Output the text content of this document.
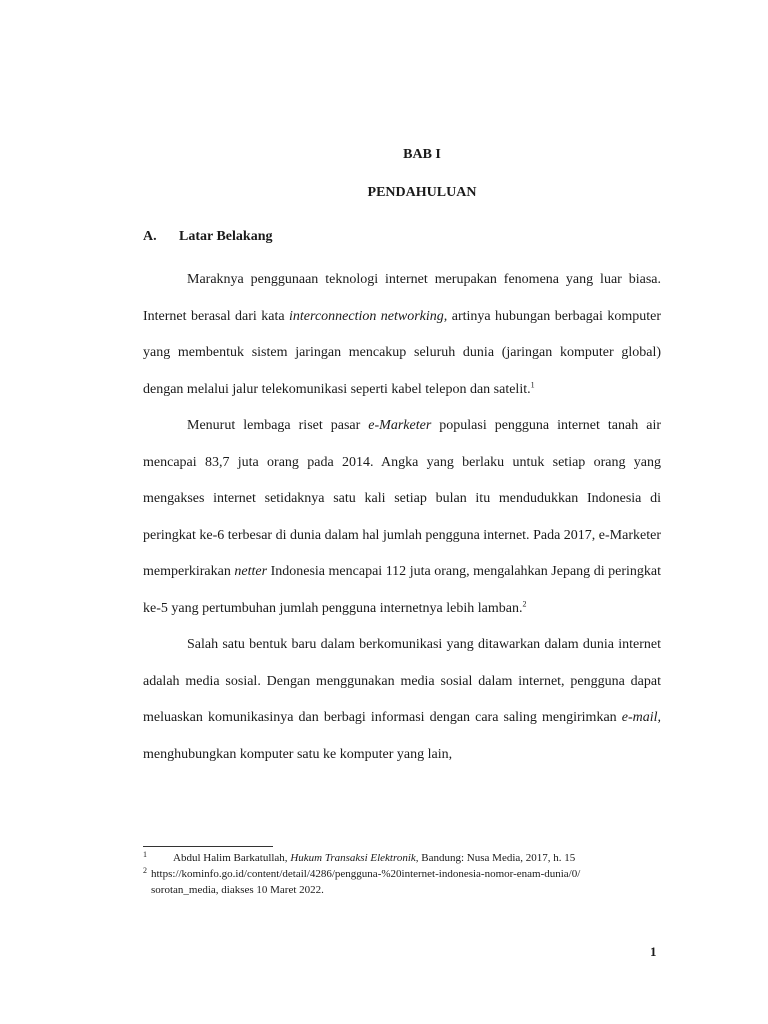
BAB I
PENDAHULUAN
A. Latar Belakang

Maraknya penggunaan teknologi internet merupakan fenomena yang luar biasa. Internet berasal dari kata interconnection networking, artinya hubungan berbagai komputer yang membentuk sistem jaringan mencakup seluruh dunia (jaringan komputer global) dengan melalui jalur telekomunikasi seperti kabel telepon dan satelit.$^1$

Menurut lembaga riset pasar e-Marketer populasi pengguna internet tanah air mencapai 83,7 juta orang pada 2014. Angka yang berlaku untuk setiap orang yang mengakses internet setidaknya satu kali setiap bulan itu mendudukkan Indonesia di peringkat ke-6 terbesar di dunia dalam hal jumlah pengguna internet. Pada 2017, e-Marketer memperkirakan netter Indonesia mencapai 112 juta orang, mengalahkan Jepang di peringkat ke-5 yang pertumbuhan jumlah pengguna internetnya lebih lamban.$^2$

Salah satu bentuk baru dalam berkomunikasi yang ditawarkan dalam dunia internet adalah media sosial. Dengan menggunakan media sosial dalam internet, pengguna dapat meluaskan komunikasinya dan berbagi informasi dengan cara saling mengirimkan e-mail, menghubungkan komputer satu ke komputer yang lain,

1 Abdul Halim Barkatullah, Hukum Transaksi Elektronik, Bandung: Nusa Media, 2017, h. 15
2 https://kominfo.go.id/content/detail/4286/pengguna-%20internet-indonesia-nomor-enam-dunia/0/
sorotan_media, diakses 10 Maret 2022.
1
